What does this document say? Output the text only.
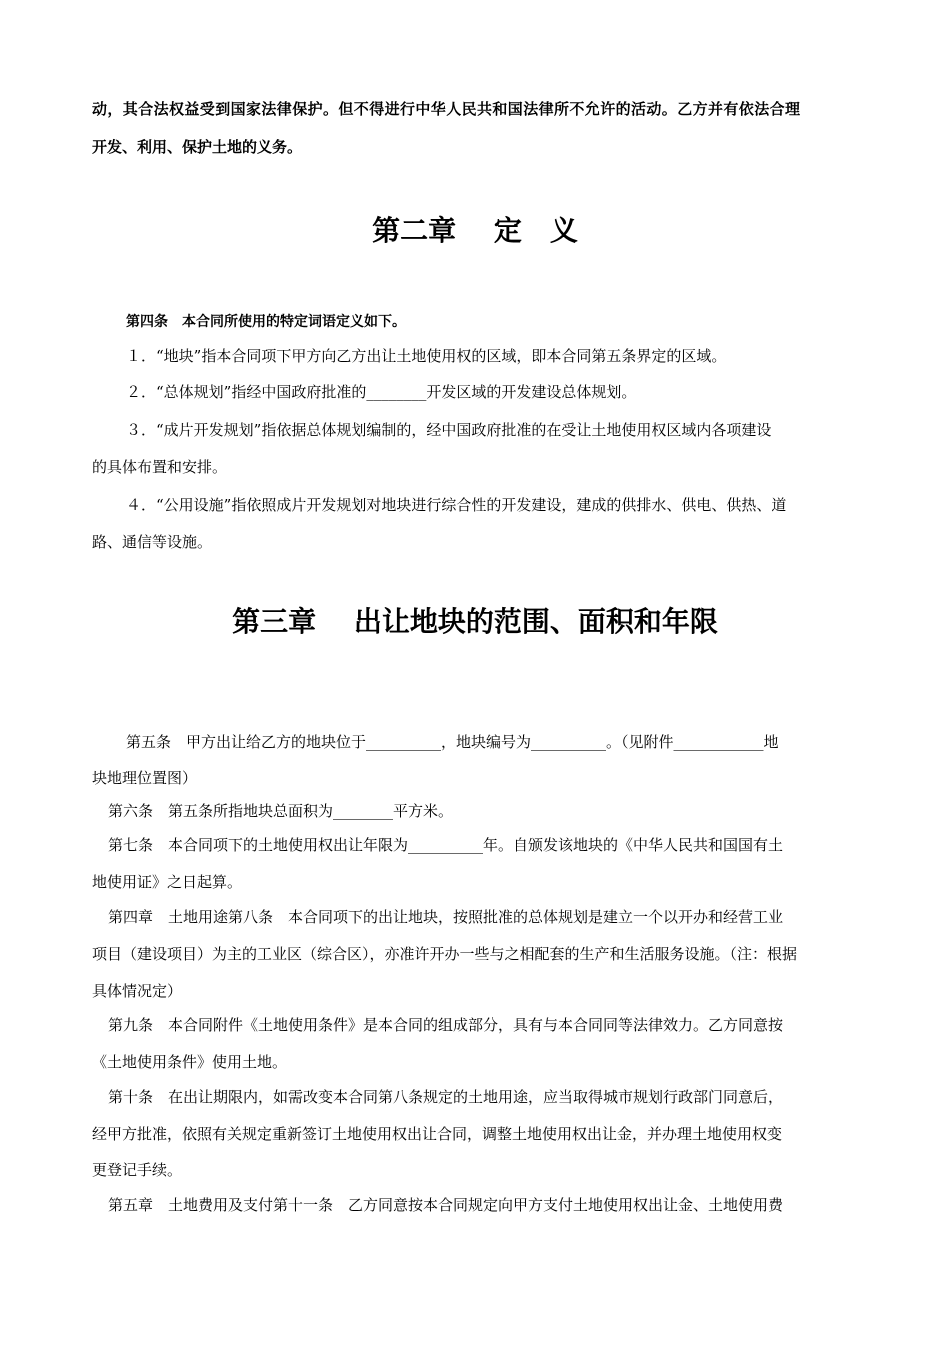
动，其合法权益受到国家法律保护。但不得进行中华人民共和国法律所不允许的活动。乙方并有依法合理
开发、利用、保护土地的义务。
第二章　 定　义
第四条　本合同所使用的特定词语定义如下。
１．“地块”指本合同项下甲方向乙方出让土地使用权的区域，即本合同第五条界定的区域。
２．“总体规划”指经中国政府批准的________开发区域的开发建设总体规划。
３．“成片开发规划”指依据总体规划编制的，经中国政府批准的在受让土地使用权区域内各项建设
的具体布置和安排。
４．“公用设施”指依照成片开发规划对地块进行综合性的开发建设，建成的供排水、供电、供热、道
路、通信等设施。
第三章　 出让地块的范围、面积和年限
第五条　甲方出让给乙方的地块位于__________，地块编号为__________。（见附件____________地
块地理位置图）
第六条　第五条所指地块总面积为________平方米。
第七条　本合同项下的土地使用权出让年限为__________年。自颁发该地块的《中华人民共和国国有土
地使用证》之日起算。
第四章　土地用途第八条　本合同项下的出让地块，按照批准的总体规划是建立一个以开办和经营工业
项目（建设项目）为主的工业区（综合区），亦准许开办一些与之相配套的生产和生活服务设施。（注：根据
具体情况定）
第九条　本合同附件《土地使用条件》是本合同的组成部分，具有与本合同同等法律效力。乙方同意按
《土地使用条件》使用土地。
第十条　在出让期限内，如需改变本合同第八条规定的土地用途，应当取得城市规划行政部门同意后，
经甲方批准，依照有关规定重新签订土地使用权出让合同，调整土地使用权出让金，并办理土地使用权变
更登记手续。
第五章　土地费用及支付第十一条　乙方同意按本合同规定向甲方支付土地使用权出让金、土地使用费
